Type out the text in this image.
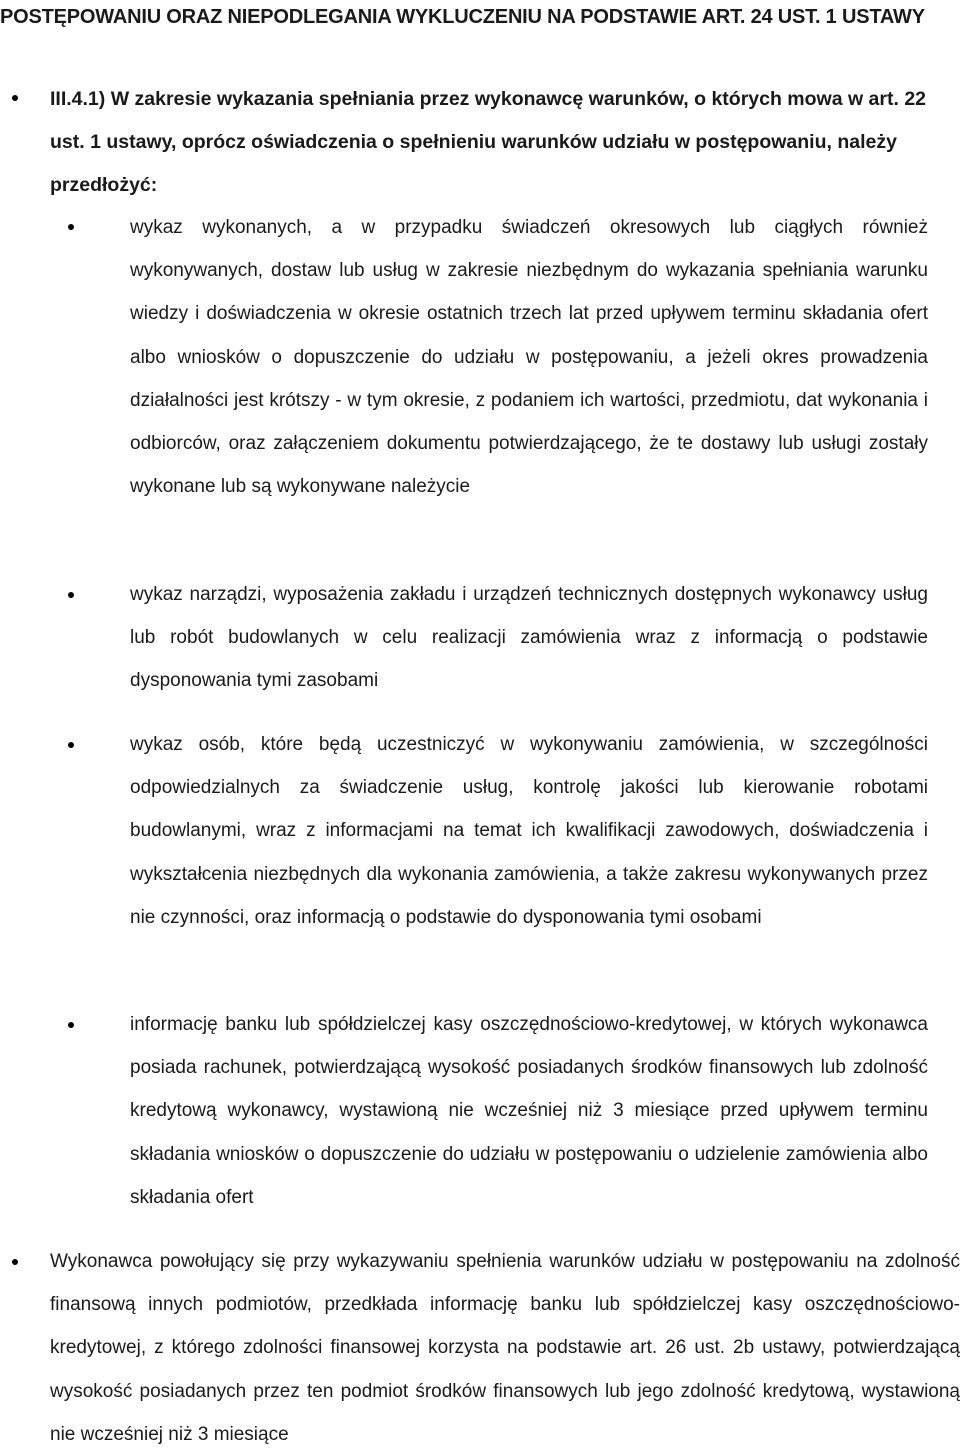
POSTĘPOWANIU ORAZ NIEPODLEGANIA WYKLUCZENIU NA PODSTAWIE ART. 24 UST. 1 USTAWY
III.4.1) W zakresie wykazania spełniania przez wykonawcę warunków, o których mowa w art. 22 ust. 1 ustawy, oprócz oświadczenia o spełnieniu warunków udziału w postępowaniu, należy przedłożyć:
wykaz wykonanych, a w przypadku świadczeń okresowych lub ciągłych również wykonywanych, dostaw lub usług w zakresie niezbędnym do wykazania spełniania warunku wiedzy i doświadczenia w okresie ostatnich trzech lat przed upływem terminu składania ofert albo wniosków o dopuszczenie do udziału w postępowaniu, a jeżeli okres prowadzenia działalności jest krótszy - w tym okresie, z podaniem ich wartości, przedmiotu, dat wykonania i odbiorców, oraz załączeniem dokumentu potwierdzającego, że te dostawy lub usługi zostały wykonane lub są wykonywane należycie
wykaz narządzi, wyposażenia zakładu i urządzeń technicznych dostępnych wykonawcy usług lub robót budowlanych w celu realizacji zamówienia wraz z informacją o podstawie dysponowania tymi zasobami
wykaz osób, które będą uczestniczyć w wykonywaniu zamówienia, w szczególności odpowiedzialnych za świadczenie usług, kontrolę jakości lub kierowanie robotami budowlanymi, wraz z informacjami na temat ich kwalifikacji zawodowych, doświadczenia i wykształcenia niezbędnych dla wykonania zamówienia, a także zakresu wykonywanych przez nie czynności, oraz informacją o podstawie do dysponowania tymi osobami
informację banku lub spółdzielczej kasy oszczędnościowo-kredytowej, w których wykonawca posiada rachunek, potwierdzającą wysokość posiadanych środków finansowych lub zdolność kredytową wykonawcy, wystawioną nie wcześniej niż 3 miesiące przed upływem terminu składania wniosków o dopuszczenie do udziału w postępowaniu o udzielenie zamówienia albo składania ofert
Wykonawca powołujący się przy wykazywaniu spełnienia warunków udziału w postępowaniu na zdolność finansową innych podmiotów, przedkłada informację banku lub spółdzielczej kasy oszczędnościowo-kredytowej, z którego zdolności finansowej korzysta na podstawie art. 26 ust. 2b ustawy, potwierdzającą wysokość posiadanych przez ten podmiot środków finansowych lub jego zdolność kredytową, wystawioną nie wcześniej niż 3 miesiące
